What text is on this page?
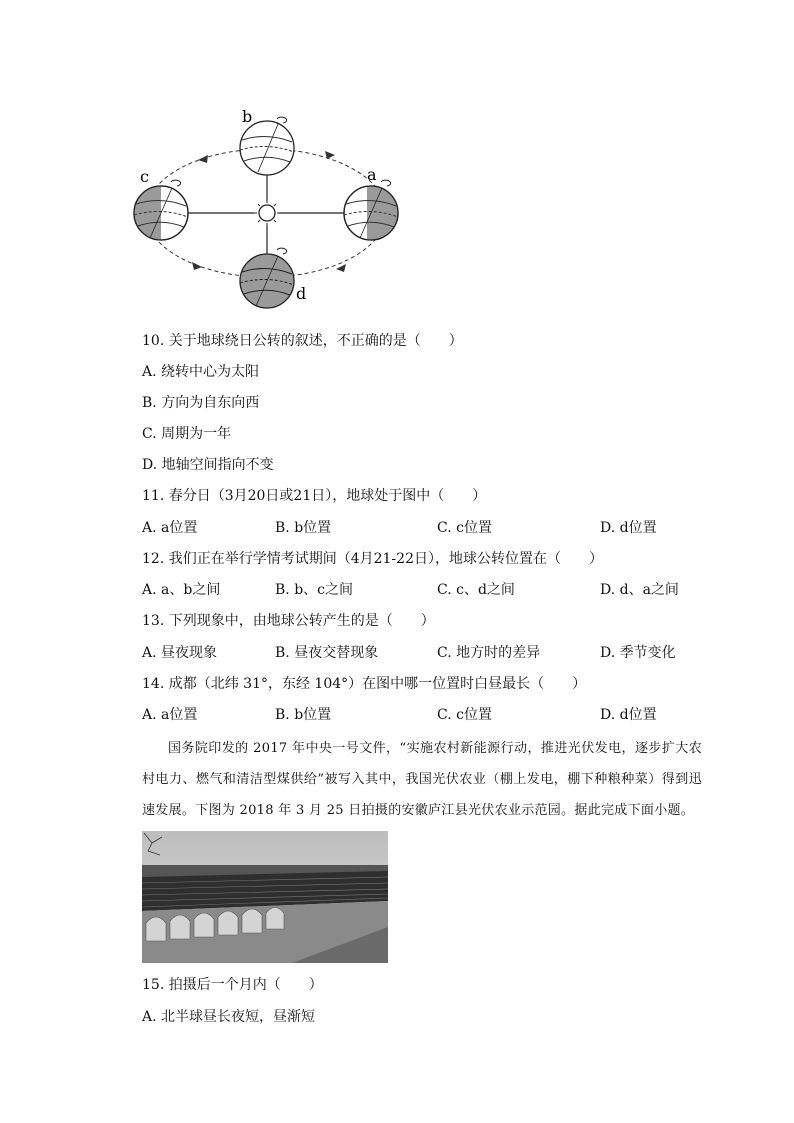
b
a
c
d
10. 关于地球绕日公转的叙述，不正确的是（　　）
A. 绕转中心为太阳
B. 方向为自东向西
C. 周期为一年
D. 地轴空间指向不变
11. 春分日（3月20日或21日），地球处于图中（　　）
A. a位置	B. b位置	C. c位置	D. d位置
12. 我们正在举行学情考试期间（4月21-22日），地球公转位置在（　　）
A. a、b之间	B. b、c之间	C. c、d之间	D. d、a之间
13. 下列现象中，由地球公转产生的是（　　）
A. 昼夜现象	B. 昼夜交替现象	C. 地方时的差异	D. 季节变化
14. 成都（北纬 31°，东经 104°）在图中哪一位置时白昼最长（　　）
A. a位置	B. b位置	C. c位置	D. d位置

国务院印发的 2017 年中央一号文件，“实施农村新能源行动，推进光伏发电，逐步扩大农村电力、燃气和清洁型煤供给”被写入其中，我国光伏农业（棚上发电，棚下种粮种菜）得到迅速发展。下图为 2018 年 3 月 25 日拍摄的安徽庐江县光伏农业示范园。据此完成下面小题。

15. 拍摄后一个月内（　　）
A. 北半球昼长夜短，昼渐短
